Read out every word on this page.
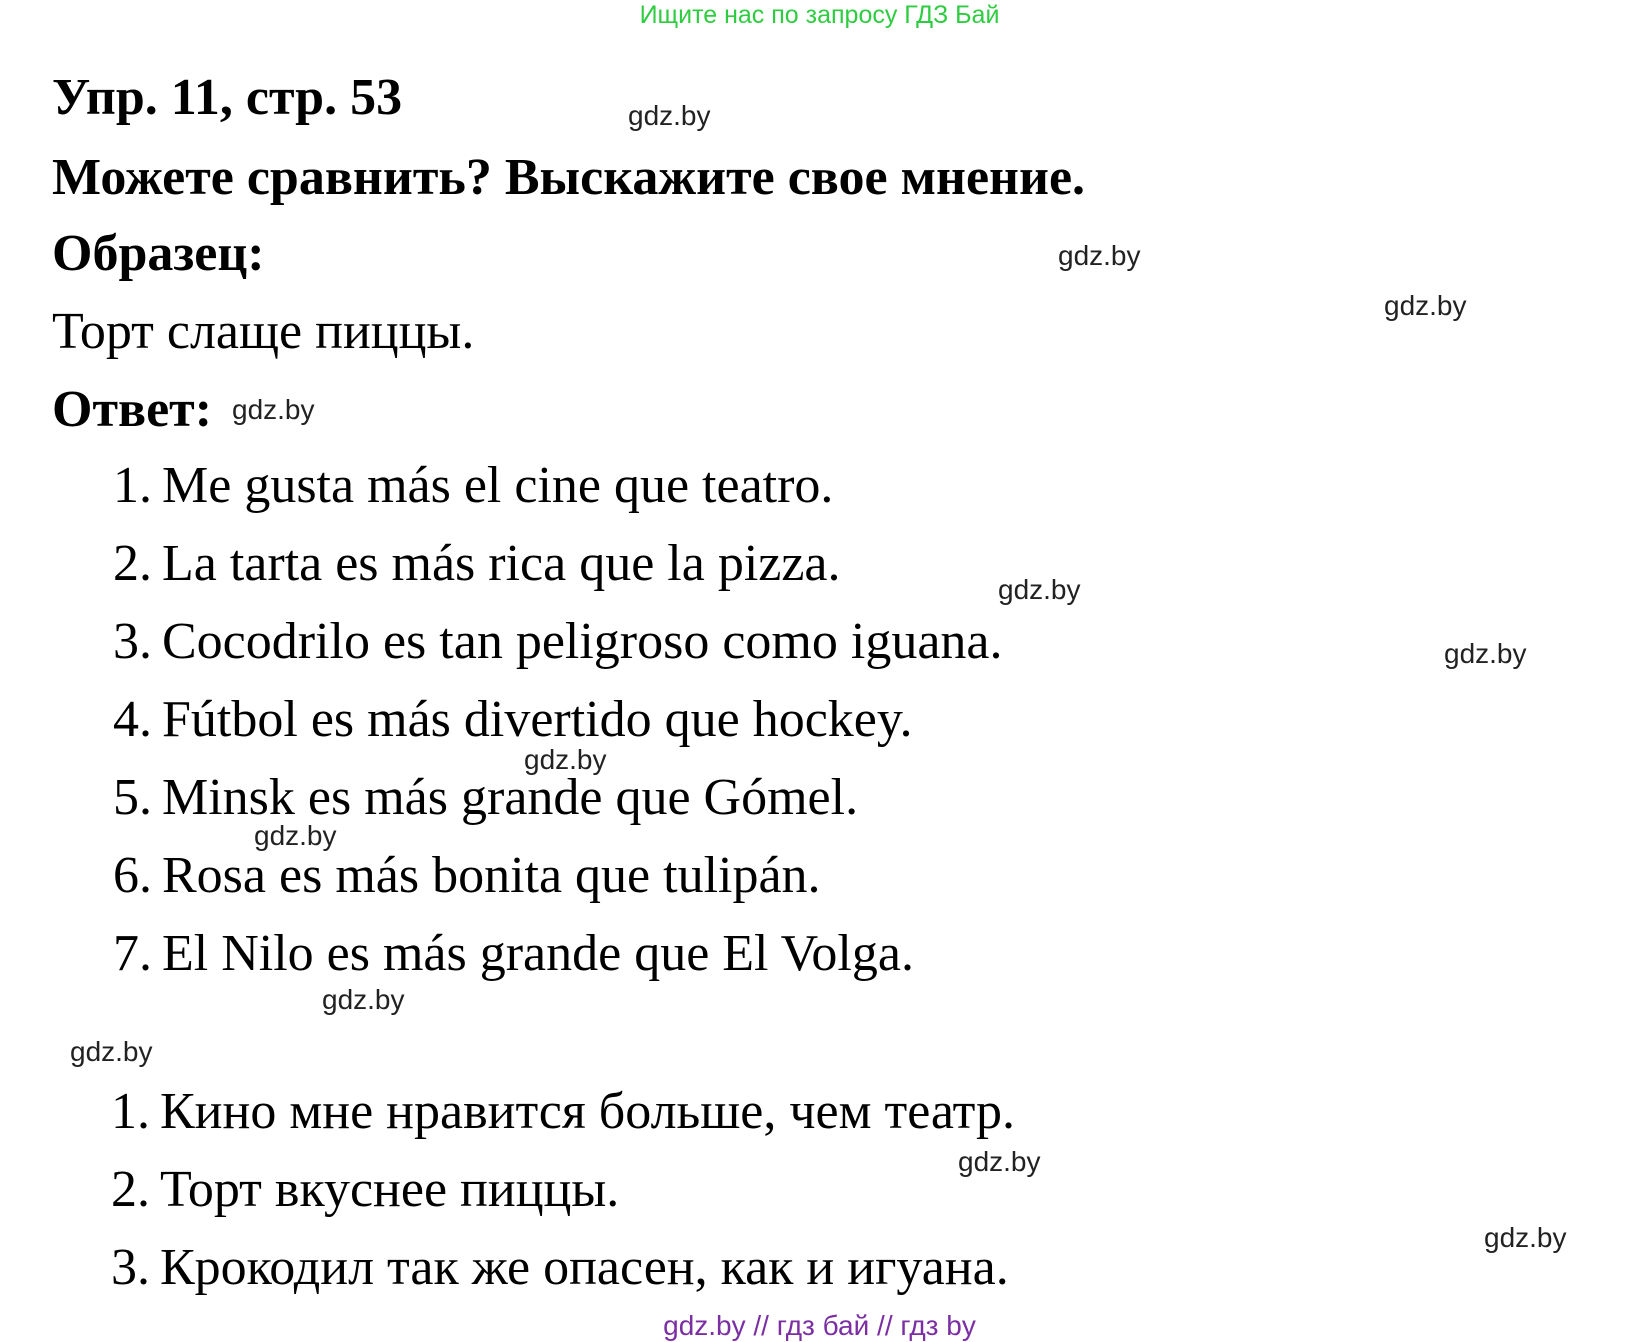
Ищите нас по запросу ГДЗ Бай
Упр. 11, стр. 53
Можете сравнить? Выскажите свое мнение.
Образец:
Торт слаще пиццы.
Ответ:
1. Me gusta más el cine que teatro.
2. La tarta es más rica que la pizza.
3. Cocodrilo es tan peligroso como iguana.
4. Fútbol es más divertido que hockey.
5. Minsk es más grande que Gómel.
6. Rosa es más bonita que tulipán.
7. El Nilo es más grande que El Volga.
1. Кино мне нравится больше, чем театр.
2. Торт вкуснее пиццы.
3. Крокодил так же опасен, как и игуана.
gdz.by
gdz.by
gdz.by
gdz.by
gdz.by
gdz.by
gdz.by
gdz.by
gdz.by
gdz.by
gdz.by
gdz.by
gdz.by // гдз бай // гдз by
